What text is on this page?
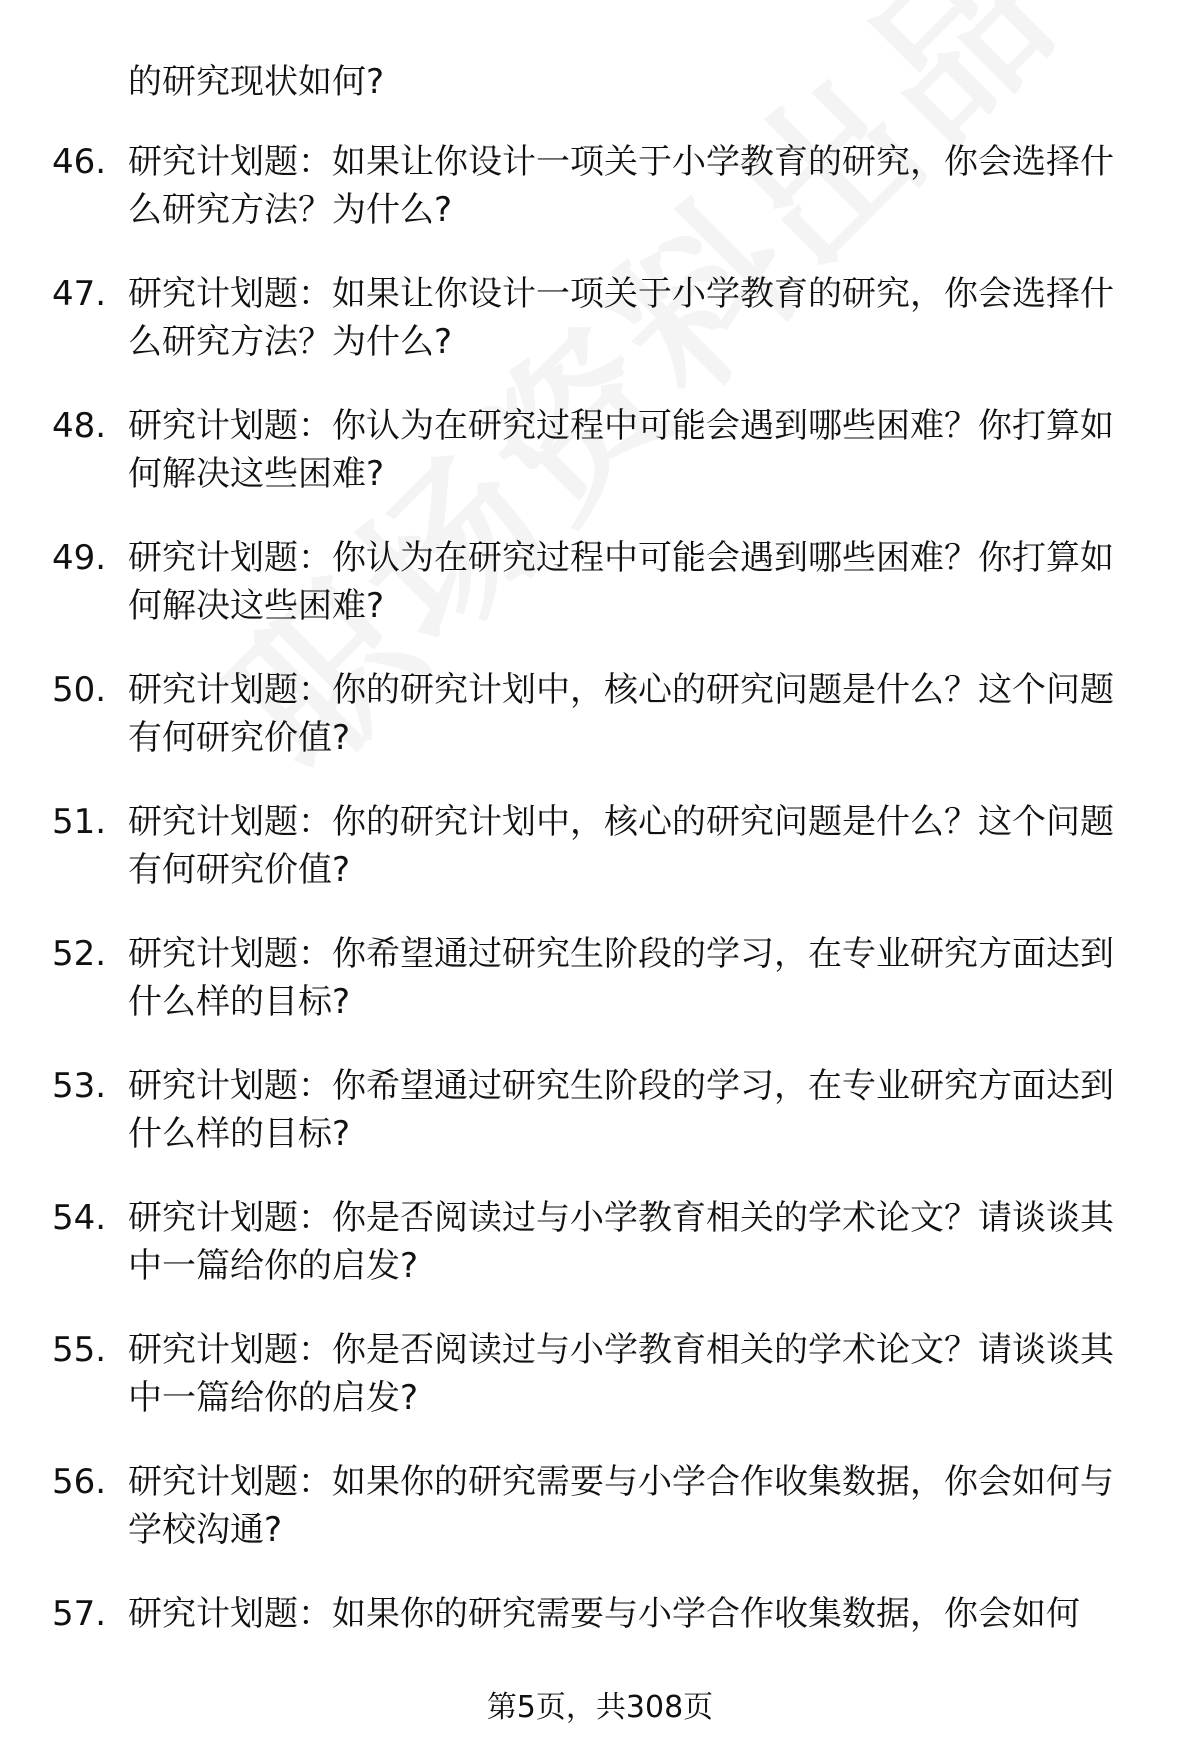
的研究现状如何?
46. 研究计划题：如果让你设计一项关于小学教育的研究，你会选择什么研究方法？为什么?
47. 研究计划题：如果让你设计一项关于小学教育的研究，你会选择什么研究方法？为什么?
48. 研究计划题：你认为在研究过程中可能会遇到哪些困难？你打算如何解决这些困难?
49. 研究计划题：你认为在研究过程中可能会遇到哪些困难？你打算如何解决这些困难?
50. 研究计划题：你的研究计划中，核心的研究问题是什么？这个问题有何研究价值?
51. 研究计划题：你的研究计划中，核心的研究问题是什么？这个问题有何研究价值?
52. 研究计划题：你希望通过研究生阶段的学习，在专业研究方面达到什么样的目标?
53. 研究计划题：你希望通过研究生阶段的学习，在专业研究方面达到什么样的目标?
54. 研究计划题：你是否阅读过与小学教育相关的学术论文？请谈谈其中一篇给你的启发?
55. 研究计划题：你是否阅读过与小学教育相关的学术论文？请谈谈其中一篇给你的启发?
56. 研究计划题：如果你的研究需要与小学合作收集数据，你会如何与学校沟通?
57. 研究计划题：如果你的研究需要与小学合作收集数据，你会如何
第5页，共308页
